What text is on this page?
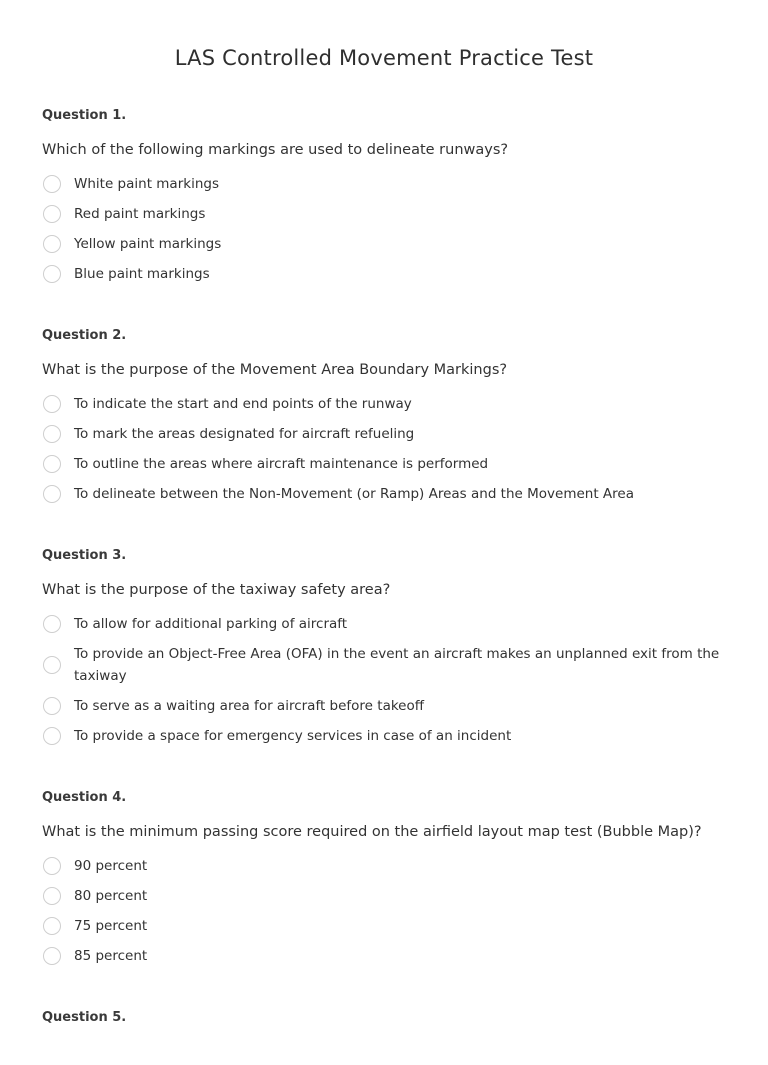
LAS Controlled Movement Practice Test
Question 1.
Which of the following markings are used to delineate runways?
White paint markings
Red paint markings
Yellow paint markings
Blue paint markings
Question 2.
What is the purpose of the Movement Area Boundary Markings?
To indicate the start and end points of the runway
To mark the areas designated for aircraft refueling
To outline the areas where aircraft maintenance is performed
To delineate between the Non-Movement (or Ramp) Areas and the Movement Area
Question 3.
What is the purpose of the taxiway safety area?
To allow for additional parking of aircraft
To provide an Object-Free Area (OFA) in the event an aircraft makes an unplanned exit from the taxiway
To serve as a waiting area for aircraft before takeoff
To provide a space for emergency services in case of an incident
Question 4.
What is the minimum passing score required on the airfield layout map test (Bubble Map)?
90 percent
80 percent
75 percent
85 percent
Question 5.
